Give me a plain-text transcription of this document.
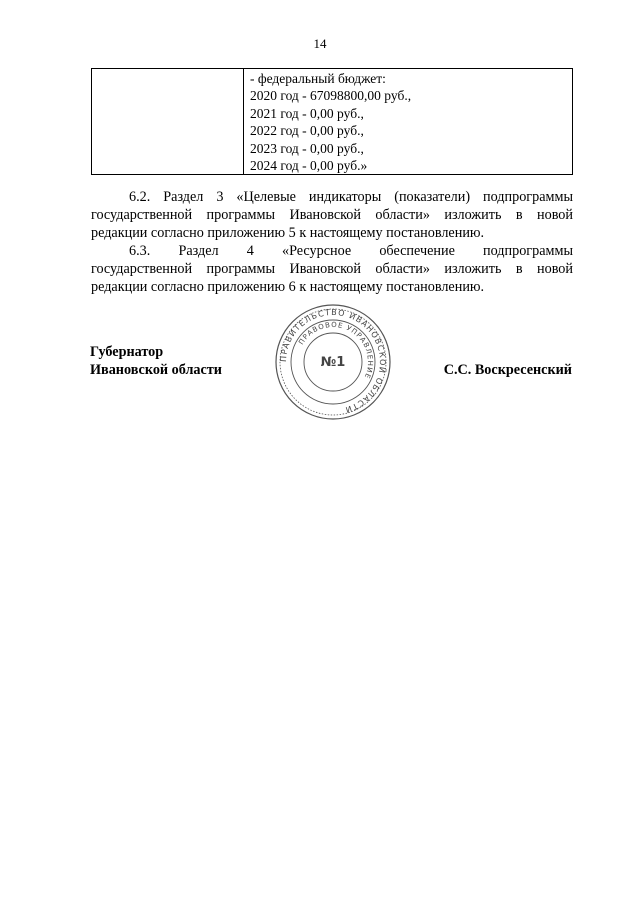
14

- федеральный бюджет:
2020 год - 67098800,00 руб.,
2021 год - 0,00 руб.,
2022 год - 0,00 руб.,
2023 год - 0,00 руб.,
2024 год - 0,00 руб.»

6.2. Раздел 3 «Целевые индикаторы (показатели) подпрограммы
государственной программы Ивановской области» изложить в новой
редакции согласно приложению 5 к настоящему постановлению.

6.3. Раздел 4 «Ресурсное обеспечение подпрограммы
государственной программы Ивановской области» изложить в новой
редакции согласно приложению 6 к настоящему постановлению.

Губернатор
Ивановской области	С.С. Воскресенский
ПРАВИТЕЛЬСТВО ИВАНОВСКОЙ ОБЛАСТИ
ПРАВОВОЕ УПРАВЛЕНИЕ
№1
